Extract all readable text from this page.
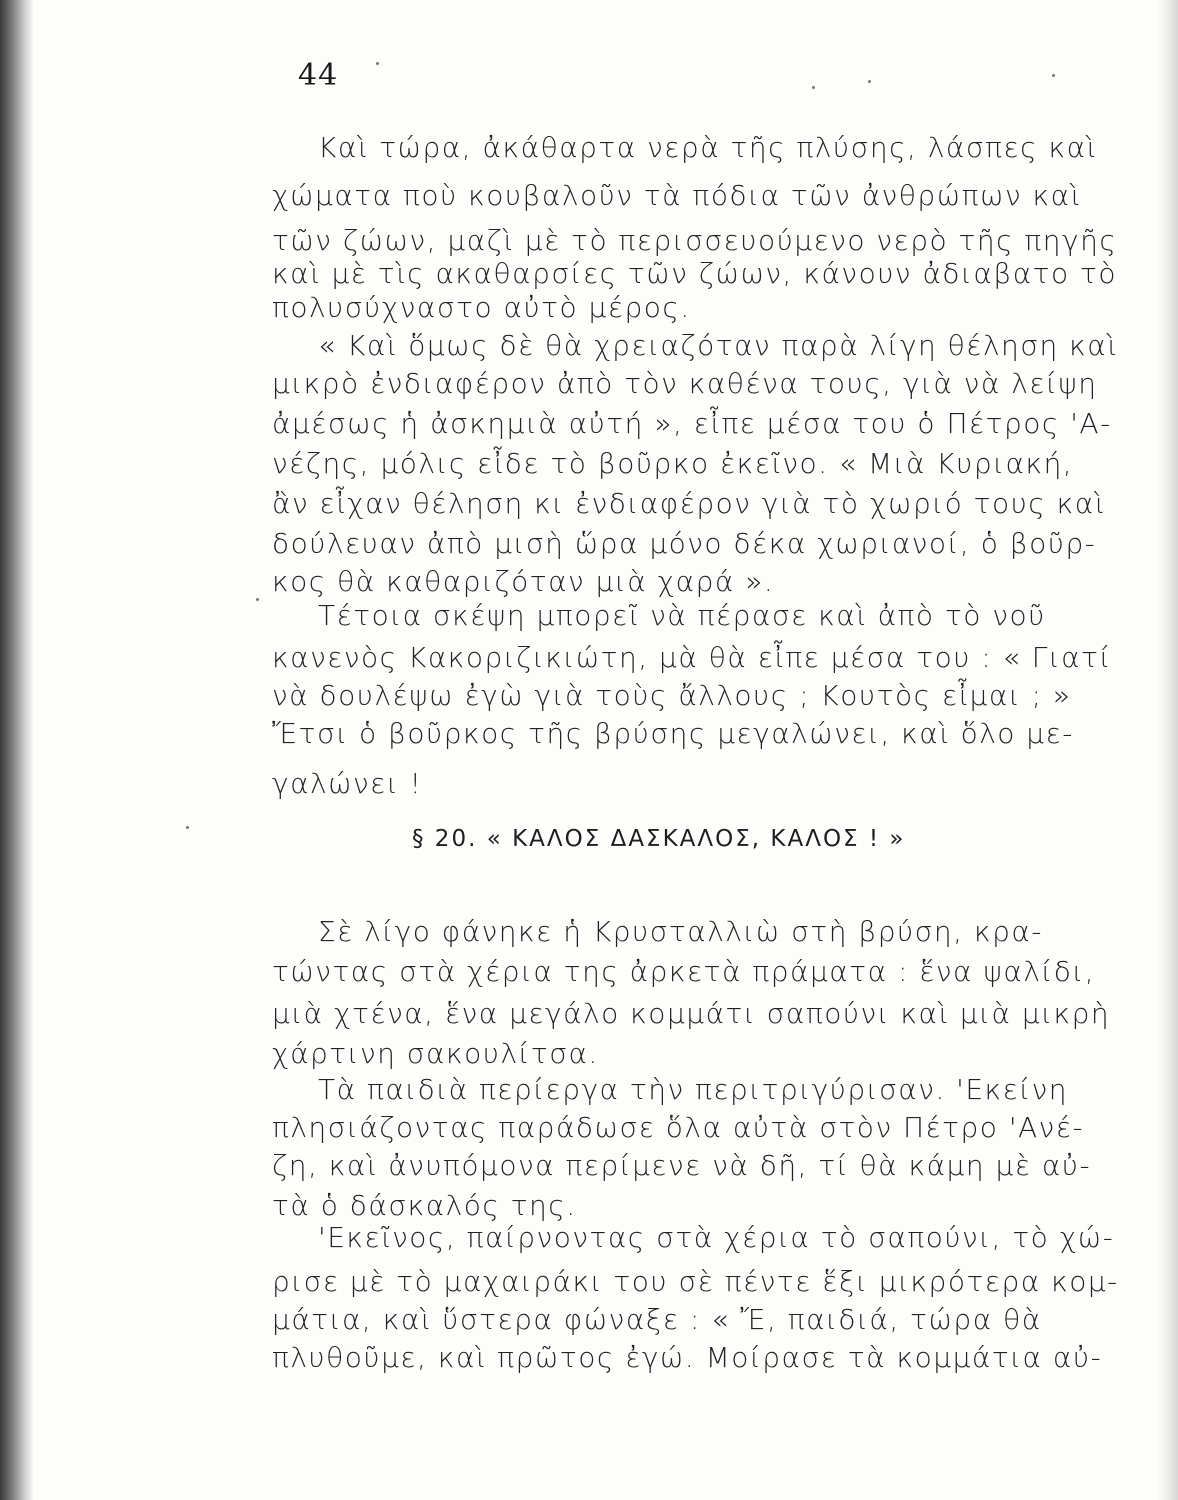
44
Καὶ τώρα, ἀκάθαρτα νερὰ τῆς πλύσης, λάσπες καὶ
χώματα ποὺ κουβαλοῦν τὰ πόδια τῶν ἀνθρώπων καὶ
τῶν ζώων, μαζὶ μὲ τὸ περισσευούμενο νερὸ τῆς πηγῆς
καὶ μὲ τὶς ακαθαρσίες τῶν ζώων, κάνουν ἀδιαβατο τὸ
πολυσύχναστο αὐτὸ μέρος.
« Καὶ ὅμως δὲ θὰ χρειαζόταν παρὰ λίγη θέληση καὶ
μικρὸ ἐνδιαφέρον ἀπὸ τὸν καθένα τους, γιὰ νὰ λείψη
ἀμέσως ἡ ἀσκημιὰ αὐτή », εἶπε μέσα του ὁ Πέτρος 'Α-
νέζης, μόλις εἶδε τὸ βοῦρκο ἐκεῖνο. « Μιὰ Κυριακή,
ἂν εἶχαν θέληση κι ἐνδιαφέρον γιὰ τὸ χωριό τους καὶ
δούλευαν ἀπὸ μισὴ ὥρα μόνο δέκα χωριανοί, ὁ βοῦρ-
κος θὰ καθαριζόταν μιὰ χαρά ».
Τέτοια σκέψη μπορεῖ νὰ πέρασε καὶ ἀπὸ τὸ νοῦ
κανενὸς Κακοριζικιώτη, μὰ θὰ εἶπε μέσα του : « Γιατί
νὰ δουλέψω ἐγὼ γιὰ τοὺς ἄλλους ; Κουτὸς εἶμαι ; »
Ἔτσι ὁ βοῦρκος τῆς βρύσης μεγαλώνει, καὶ ὅλο με-
γαλώνει !
§ 20. « ΚΑΛΟΣ ΔΑΣΚΑΛΟΣ, ΚΑΛΟΣ ! »
Σὲ λίγο φάνηκε ἡ Κρυσταλλιὼ στὴ βρύση, κρα-
τώντας στὰ χέρια της ἀρκετὰ πράματα : ἕνα ψαλίδι,
μιὰ χτένα, ἕνα μεγάλο κομμάτι σαπούνι καὶ μιὰ μικρὴ
χάρτινη σακουλίτσα.
Τὰ παιδιὰ περίεργα τὴν περιτριγύρισαν. 'Εκείνη
πλησιάζοντας παράδωσε ὅλα αὐτὰ στὸν Πέτρο 'Ανέ-
ζη, καὶ ἀνυπόμονα περίμενε νὰ δῆ, τί θὰ κάμη μὲ αὐ-
τὰ ὁ δάσκαλός της.
'Εκεῖνος, παίρνοντας στὰ χέρια τὸ σαπούνι, τὸ χώ-
ρισε μὲ τὸ μαχαιράκι του σὲ πέντε ἕξι μικρότερα κομ-
μάτια, καὶ ὕστερα φώναξε : « Ἔ, παιδιά, τώρα θὰ
πλυθοῦμε, καὶ πρῶτος ἐγώ. Μοίρασε τὰ κομμάτια αὐ-
